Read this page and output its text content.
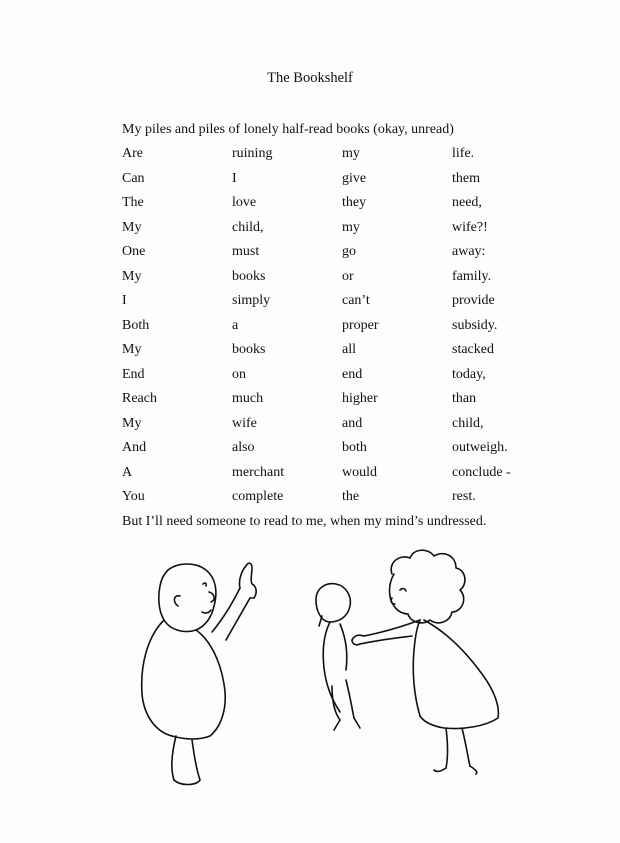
The Bookshelf
My piles and piles of lonely half-read books (okay, unread)
Are	ruining	my	life.
Can	I	give	them
The	love	they	need,
My	child,	my	wife?!
One	must	go	away:
My	books	or	family.
I	simply	can’t	provide
Both	a	proper	subsidy.
My	books	all	stacked
End	on	end	today,
Reach	much	higher	than
My	wife	and	child,
And	also	both	outweigh.
A	merchant	would	conclude -
You	complete	the	rest.
But I’ll need someone to read to me, when my mind’s undressed.
